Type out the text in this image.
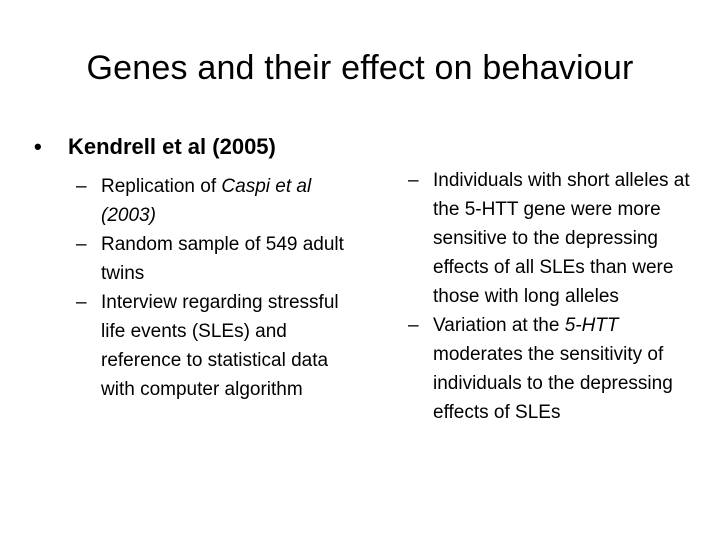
Genes and their effect on behaviour
• Kendrell et al (2005)

– Replication of Caspi et al (2003)

– Random sample of 549 adult twins

– Interview regarding stressful life events (SLEs) and reference to statistical data with computer algorithm

– Individuals with short alleles at the 5-HTT gene were more sensitive to the depressing effects of all SLEs than were those with long alleles

– Variation at the 5-HTT moderates the sensitivity of individuals to the depressing effects of SLEs
